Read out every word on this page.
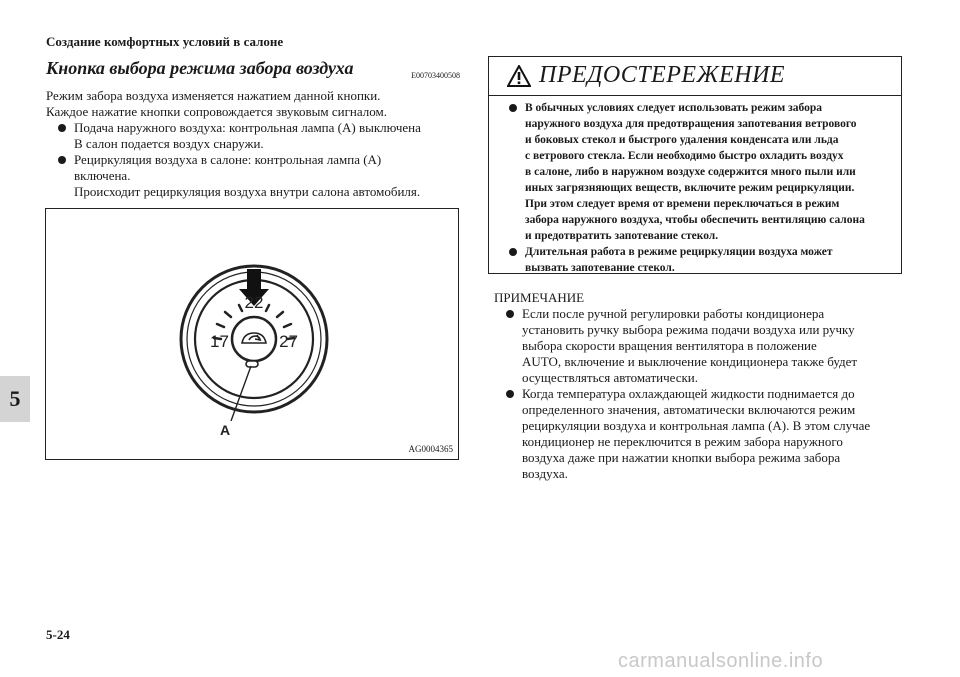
Создание комфортных условий в салоне
5
Кнопка выбора режима забора воздуха	E00703400508

Режим забора воздуха изменяется нажатием данной кнопки.

Каждое нажатие кнопки сопровождается звуковым сигналом.

Подача наружного воздуха: контрольная лампа (A) выключена
В салон подается воздух снаружи.
Рециркуляция воздуха в салоне: контрольная лампа (A)
включена.
Происходит рециркуляция воздуха внутри салона автомобиля.
22
17	27
A
AG0004365
ПРЕДОСТЕРЕЖЕНИЕ
В обычных условиях следует использовать режим забора
наружного воздуха для предотвращения запотевания ветрового
и боковых стекол и быстрого удаления конденсата или льда
с ветрового стекла. Если необходимо быстро охладить воздух
в салоне, либо в наружном воздухе содержится много пыли или
иных загрязняющих веществ, включите режим рециркуляции.
При этом следует время от времени переключаться в режим
забора наружного воздуха, чтобы обеспечить вентиляцию салона
и предотвратить запотевание стекол.
Длительная работа в режиме рециркуляции воздуха может
вызвать запотевание стекол.
ПРИМЕЧАНИЕ
Если после ручной регулировки работы кондиционера
установить ручку выбора режима подачи воздуха или ручку
выбора скорости вращения вентилятора в положение
AUTO, включение и выключение кондиционера также будет
осуществляться автоматически.
Когда температура охлаждающей жидкости поднимается до
определенного значения, автоматически включаются режим
рециркуляции воздуха и контрольная лампа (A). В этом случае
кондиционер не переключится в режим забора наружного
воздуха даже при нажатии кнопки выбора режима забора
воздуха.
5-24
carmanualsonline.info
